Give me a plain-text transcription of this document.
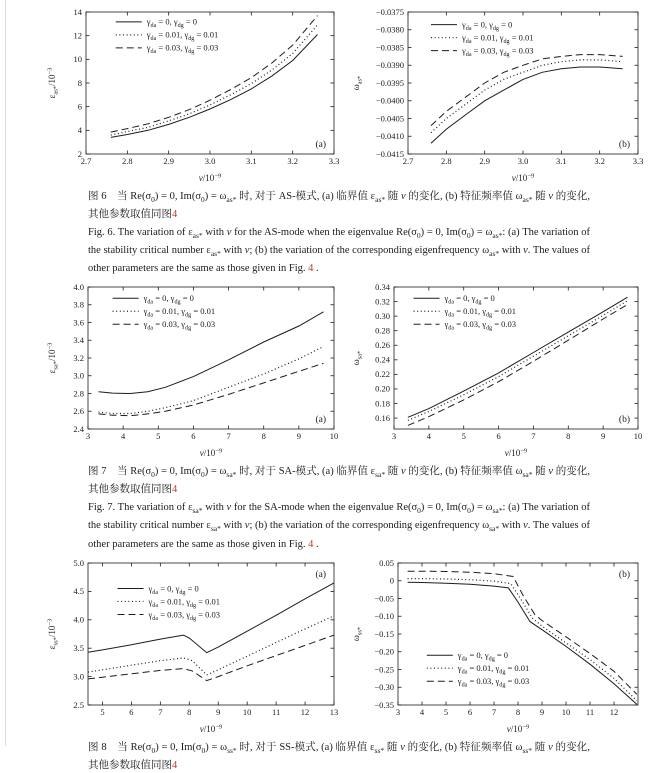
2.7	2.8	2.9	3.0	3.1	3.2	3.3
2
4
6
8
10
12
14
$\varepsilon_{as*}/10^{-3}$
$v/10^{-9}$
$\gamma_{da} = 0$, $\gamma_{dg} = 0$
$\gamma_{da} = 0.01$, $\gamma_{dg} = 0.01$
$\gamma_{da} = 0.03$, $\gamma_{dg} = 0.03$
(a)
2.7	2.8	2.9	3.0	3.1	3.2	3.3
−0.0415
−0.0410
−0.0405
−0.0400
−0.0395
−0.0390
−0.0385
−0.0380
−0.0375
$\omega_{as*}$
$v/10^{-9}$
$\gamma_{da} = 0$, $\gamma_{dg} = 0$
$\gamma_{da} = 0.01$, $\gamma_{dg} = 0.01$
$\gamma_{da} = 0.03$, $\gamma_{dg} = 0.03$
(b)
图 6　当 $Re(\sigma_0) = 0$, $Im(\sigma_0) = \omega_{as*}$ 时, 对于 AS-模式, (a) 临界值 $\varepsilon_{as*}$ 随 v 的变化, (b) 特征频率值 $\omega_{as*}$ 随 v 的变化, 其他参数取值同图4
Fig. 6. The variation of $\varepsilon_{as*}$ with v for the AS-mode when the eigenvalue $Re(\sigma_0) = 0$, $Im(\sigma_0) = \omega_{as*}$: (a) The variation of the stability critical number $\varepsilon_{as*}$ with v; (b) the variation of the corresponding eigenfrequency $\omega_{as*}$ with v. The values of other parameters are the same as those given in Fig. 4 .
3	4	5	6	7	8	9	10
2.4
2.6
2.8
3.0
3.2
3.4
3.6
3.8
4.0
$\varepsilon_{sa*}/10^{-3}$
$v/10^{-9}$
$\gamma_{da} = 0$, $\gamma_{dg} = 0$
$\gamma_{da} = 0.01$, $\gamma_{dg} = 0.01$
$\gamma_{da} = 0.03$, $\gamma_{dg} = 0.03$
(a)
3	4	5	6	7	8	9	10
0.16
0.18
0.20
0.22
0.24
0.26
0.28
0.30
0.32
0.34
$\omega_{sa*}$
$v/10^{-9}$
$\gamma_{da} = 0$, $\gamma_{dg} = 0$
$\gamma_{da} = 0.01$, $\gamma_{dg} = 0.01$
$\gamma_{da} = 0.03$, $\gamma_{dg} = 0.03$
(b)
图 7　当 $Re(\sigma_0) = 0$, $Im(\sigma_0) = \omega_{sa*}$ 时, 对于 SA-模式, (a) 临界值 $\varepsilon_{sa*}$ 随 v 的变化, (b) 特征频率值 $\omega_{sa*}$ 随 v 的变化, 其他参数取值同图4
Fig. 7. The variation of $\varepsilon_{sa*}$ with v for the SA-mode when the eigenvalue $Re(\sigma_0) = 0$, $Im(\sigma_0) = \omega_{sa*}$: (a) The variation of the stability critical number $\varepsilon_{sa*}$ with v; (b) the variation of the corresponding eigenfrequency $\omega_{sa*}$ with v. The values of other parameters are the same as those given in Fig. 4 .
5	6	7	8	9	10 11 12 13
2.5
3.0
3.5
4.0
4.5
5.0
$\varepsilon_{ss*}/10^{-3}$
$v/10^{-9}$
$\gamma_{da} = 0$, $\gamma_{dg} = 0$
$\gamma_{da} = 0.01$, $\gamma_{dg} = 0.01$
$\gamma_{da} = 0.03$, $\gamma_{dg} = 0.03$
(a)
3 4 5 6 7 8 9 10 11 12
−0.35
−0.30
−0.25
−0.20
−0.15
−0.10
−0.05
0
0.05
$\omega_{ss*}$
$v/10^{-9}$
$\gamma_{da} = 0$, $\gamma_{dg} = 0$
$\gamma_{da} = 0.01$, $\gamma_{dg} = 0.01$
$\gamma_{da} = 0.03$, $\gamma_{dg} = 0.03$
(b)
图 8　当 $Re(\sigma_0) = 0$, $Im(\sigma_0) = \omega_{ss*}$ 时, 对于 SS-模式, (a) 临界值 $\varepsilon_{ss*}$ 随 v 的变化, (b) 特征频率值 $\omega_{ss*}$ 随 v 的变化, 其他参数取值同图4
